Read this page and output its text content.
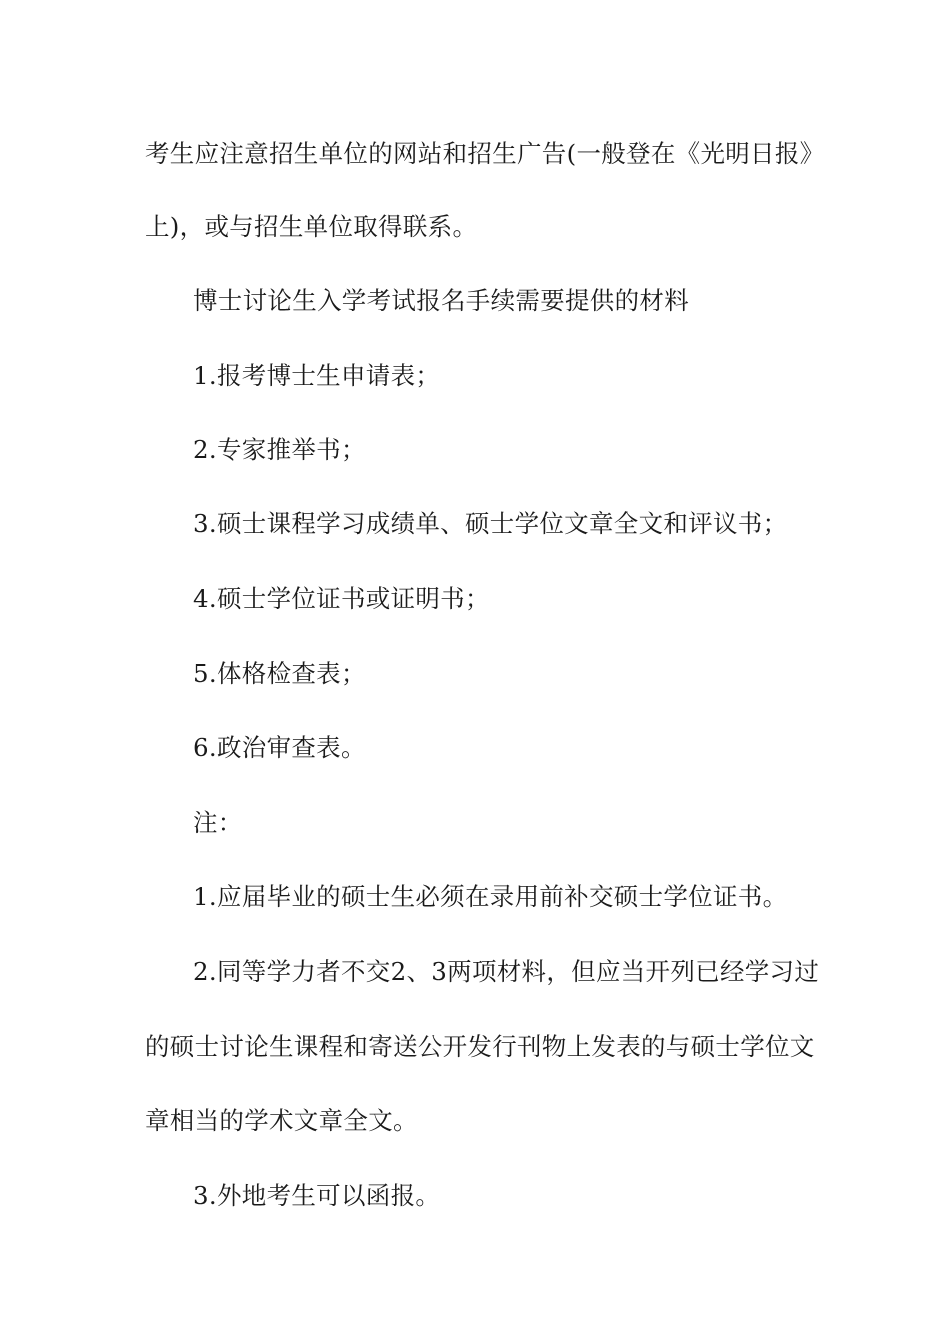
考生应注意招生单位的网站和招生广告(一般登在《光明日报》
上)，或与招生单位取得联系。
博士讨论生入学考试报名手续需要提供的材料
1.报考博士生申请表；
2.专家推举书；
3.硕士课程学习成绩单、硕士学位文章全文和评议书；
4.硕士学位证书或证明书；
5.体格检查表；
6.政治审查表。
注：
1.应届毕业的硕士生必须在录用前补交硕士学位证书。
2.同等学力者不交2、3两项材料，但应当开列已经学习过
的硕士讨论生课程和寄送公开发行刊物上发表的与硕士学位文
章相当的学术文章全文。
3.外地考生可以函报。
